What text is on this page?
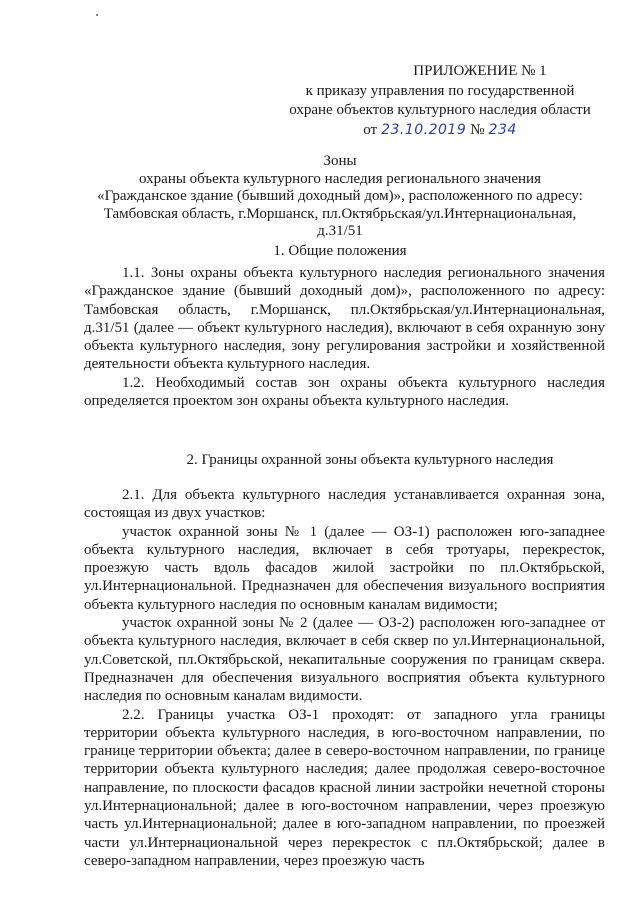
ПРИЛОЖЕНИЕ № 1
к приказу управления по государственной
охране объектов культурного наследия области
от 23.10.2019 № 234
Зоны
охраны объекта культурного наследия регионального значения
«Гражданское здание (бывший доходный дом)», расположенного по адресу:
Тамбовская область, г.Моршанск, пл.Октябрьская/ул.Интернациональная,
д.31/51
1. Общие положения

1.1. Зоны охраны объекта культурного наследия регионального значения «Гражданское здание (бывший доходный дом)», расположенного по адресу: Тамбовская область, г.Моршанск, пл.Октябрьская/ул.Интернациональная, д.31/51 (далее — объект культурного наследия), включают в себя охранную зону объекта культурного наследия, зону регулирования застройки и хозяйственной деятельности объекта культурного наследия.

1.2. Необходимый состав зон охраны объекта культурного наследия определяется проектом зон охраны объекта культурного наследия.

2. Границы охранной зоны объекта культурного наследия

2.1. Для объекта культурного наследия устанавливается охранная зона, состоящая из двух участков:

участок охранной зоны № 1 (далее — ОЗ-1) расположен юго-западнее объекта культурного наследия, включает в себя тротуары, перекресток, проезжую часть вдоль фасадов жилой застройки по пл.Октябрьской, ул.Интернациональной. Предназначен для обеспечения визуального восприятия объекта культурного наследия по основным каналам видимости;

участок охранной зоны № 2 (далее — ОЗ-2) расположен юго-западнее от объекта культурного наследия, включает в себя сквер по ул.Интернациональной, ул.Советской, пл.Октябрьской, некапитальные сооружения по границам сквера. Предназначен для обеспечения визуального восприятия объекта культурного наследия по основным каналам видимости.

2.2. Границы участка ОЗ-1 проходят: от западного угла границы территории объекта культурного наследия, в юго-восточном направлении, по границе территории объекта; далее в северо-восточном направлении, по границе территории объекта культурного наследия; далее продолжая северо-восточное направление, по плоскости фасадов красной линии застройки нечетной стороны ул.Интернациональной; далее в юго-восточном направлении, через проезжую часть ул.Интернациональной; далее в юго-западном направлении, по проезжей части ул.Интернациональной через перекресток с пл.Октябрьской; далее в северо-западном направлении, через проезжую часть
